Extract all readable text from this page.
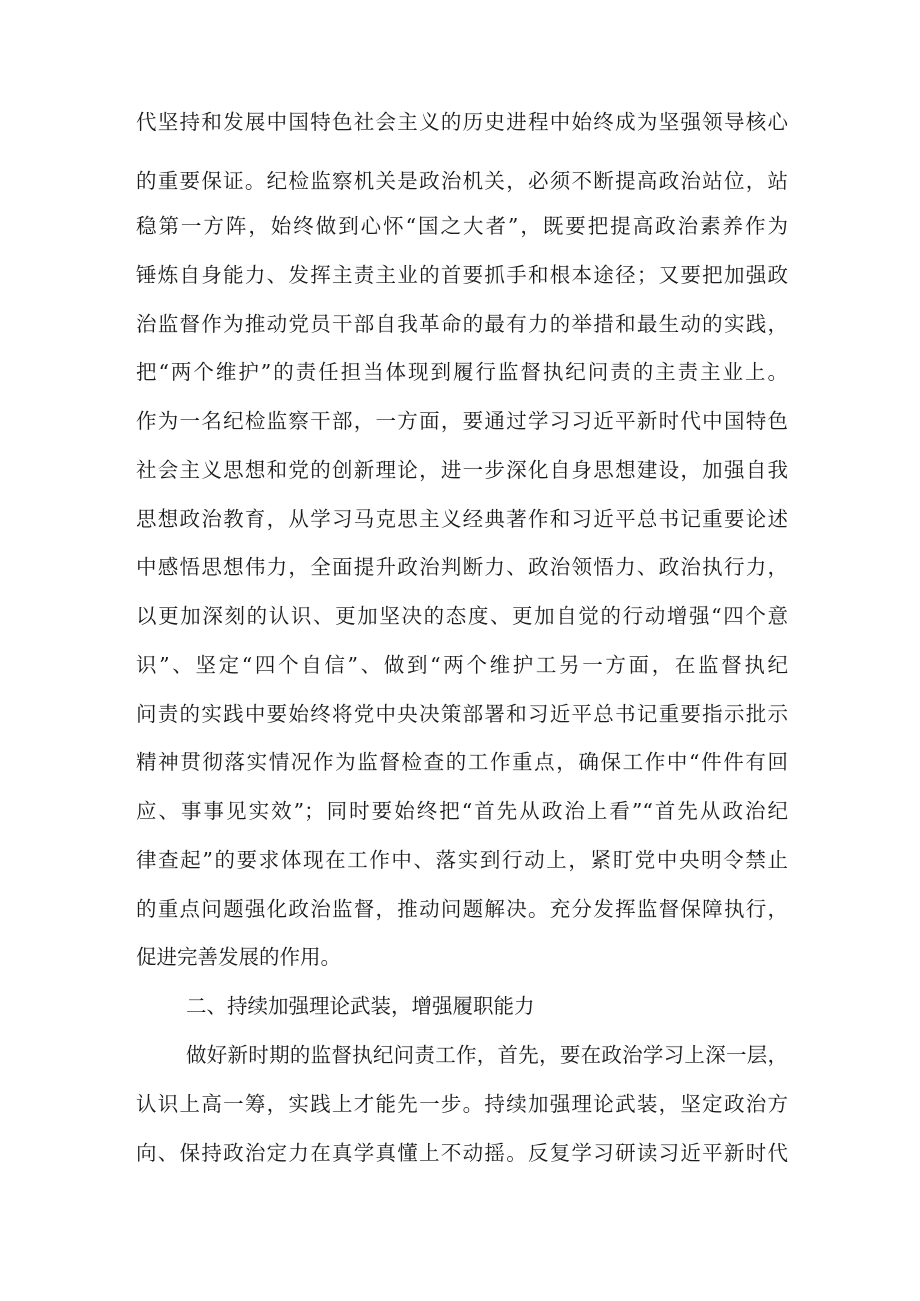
代坚持和发展中国特色社会主义的历史进程中始终成为坚强领导核心
的重要保证。纪检监察机关是政治机关，必须不断提高政治站位，站
稳第一方阵，始终做到心怀“国之大者”，既要把提高政治素养作为
锤炼自身能力、发挥主责主业的首要抓手和根本途径；又要把加强政
治监督作为推动党员干部自我革命的最有力的举措和最生动的实践，
把“两个维护”的责任担当体现到履行监督执纪问责的主责主业上。
作为一名纪检监察干部，一方面，要通过学习习近平新时代中国特色
社会主义思想和党的创新理论，进一步深化自身思想建设，加强自我
思想政治教育，从学习马克思主义经典著作和习近平总书记重要论述
中感悟思想伟力，全面提升政治判断力、政治领悟力、政治执行力，
以更加深刻的认识、更加坚决的态度、更加自觉的行动增强“四个意
识”、坚定“四个自信”、做到“两个维护工另一方面，在监督执纪
问责的实践中要始终将党中央决策部署和习近平总书记重要指示批示
精神贯彻落实情况作为监督检查的工作重点，确保工作中“件件有回
应、事事见实效”；同时要始终把“首先从政治上看”“首先从政治纪
律查起”的要求体现在工作中、落实到行动上，紧盯党中央明令禁止
的重点问题强化政治监督，推动问题解决。充分发挥监督保障执行，
促进完善发展的作用。
二、持续加强理论武装，增强履职能力
做好新时期的监督执纪问责工作，首先，要在政治学习上深一层，
认识上高一筹，实践上才能先一步。持续加强理论武装，坚定政治方
向、保持政治定力在真学真懂上不动摇。反复学习研读习近平新时代
